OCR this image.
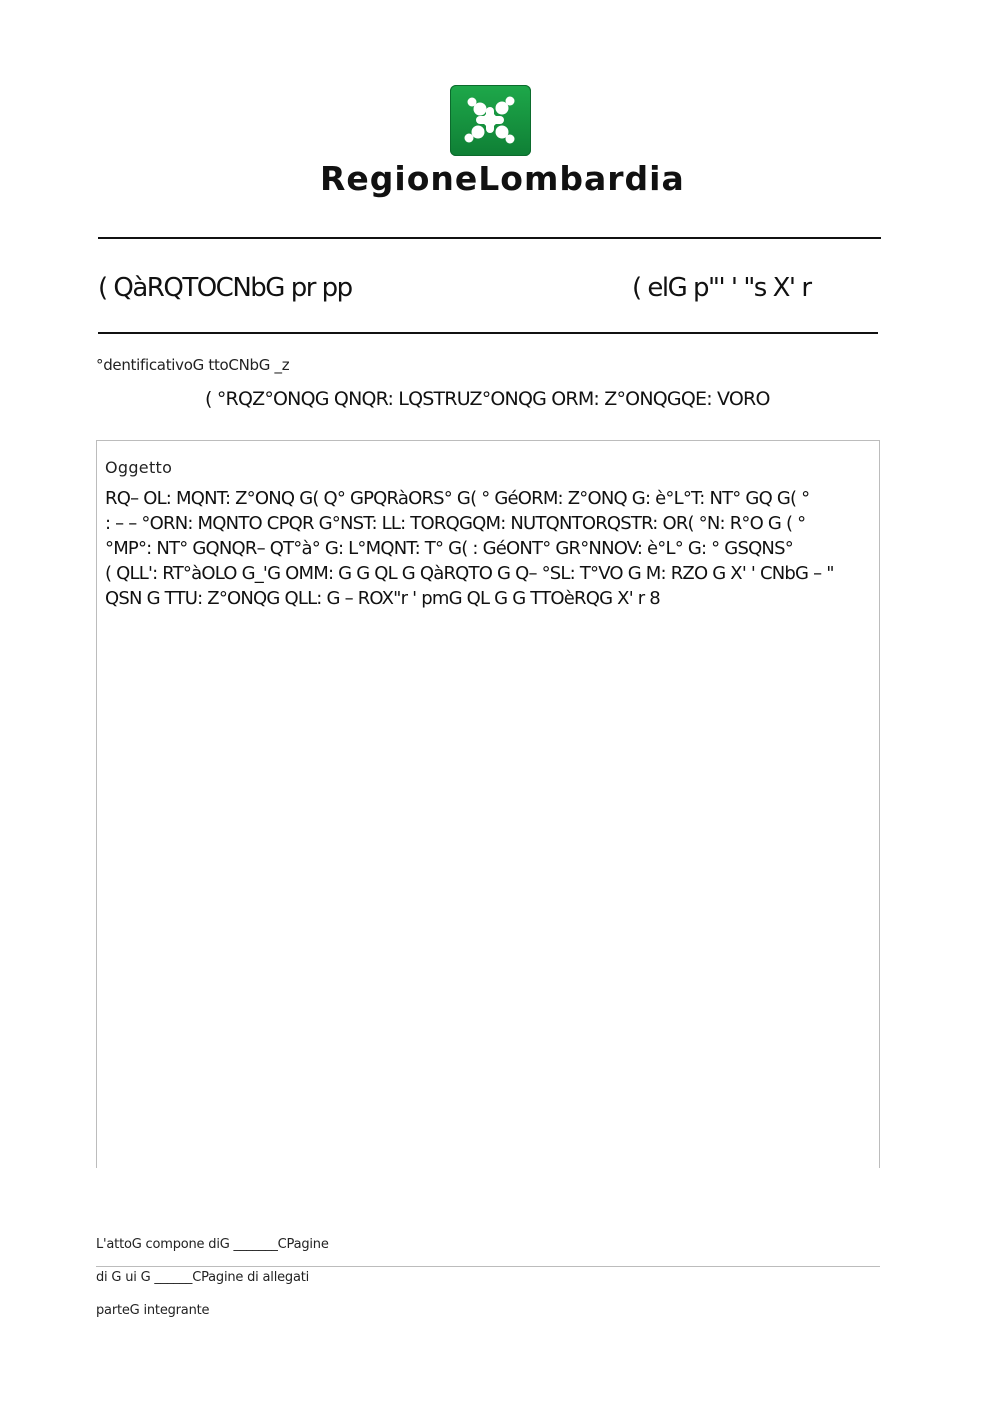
RegioneLombardia
( QàRQTOCNbG pr pp	( elG p"' ' "s X' r
°dentificativoG ttoCNbG _z
( °RQZ°ONQG QNQR: LQSTRUZ°ONQG ORM: Z°ONQGQE: VORO
Oggetto
RQ– OL: MQNT: Z°ONQ G( Q° GPQRàORS° G( ° GéORM: Z°ONQ G: è°L°T: NT° GQ G( °
: – – °ORN: MQNTO CPQR G°NST: LL: TORQGQM: NUTQNTORQSTR: OR( °N: R°O G ( °
°MP°: NT° GQNQR– QT°à° G: L°MQNT: T° G( : GéONT° GR°NNOV: è°L° G: ° GSQNS°
( QLL': RT°àOLO G_'G OMM: G G QL G QàRQTO G Q– °SL: T°VO G M: RZO G X' ' CNbG – "
QSN G TTU: Z°ONQG QLL: G – ROX"r ' pmG QL G G TTOèRQG X' r 8
L'attoG compone diG _______CPagine
di G ui G ______CPagine di allegati
parteG integrante
